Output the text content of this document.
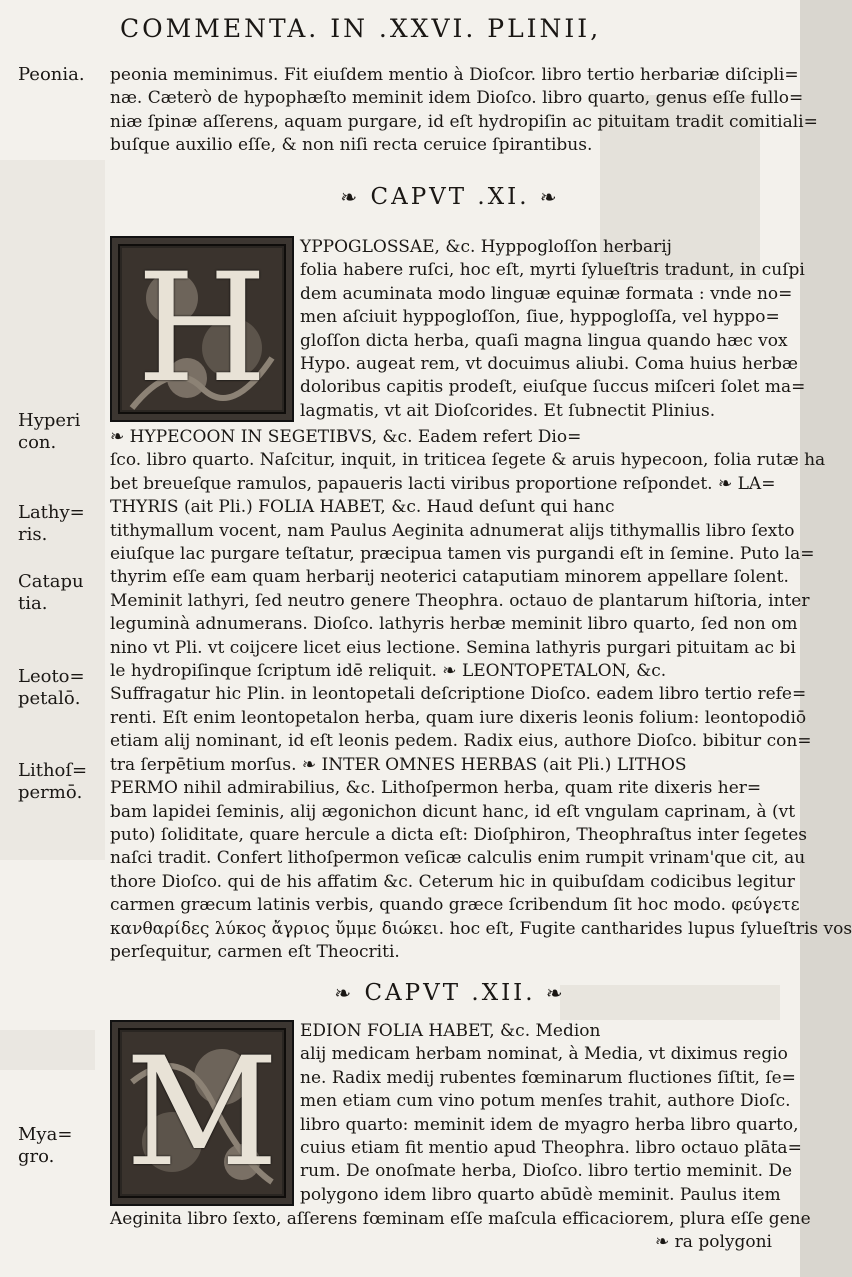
COMMENTA. IN .XXVI. PLINII,
Peonia.
Hyperi
con.
Lathy=
ris.
Catapu
tia.
Leoto=
petalō.
Lithoſ=
permō.
Mya=
gro.
peonia meminimus. Fit eiuſdem mentio à Dioſcor. libro tertio herbariæ diſcipli=
næ. Cæterò de hypophæſto meminit idem Dioſco. libro quarto, genus eſſe fullo=
niæ ſpinæ aſſerens, aquam purgare, id eſt hydropiſin ac pituitam tradit comitiali=
buſque auxilio eſſe, & non niſi recta ceruice ſpirantibus.
❧ CAPVT .XI. ❧
H	YPPOGLOSSAE, &c. Hyppogloſſon herbarij
folia habere ruſci, hoc eſt, myrti ſylueſtris tradunt, in cuſpi
dem acuminata modo linguæ equinæ formata : vnde no=
men aſciuit hyppogloſſon, ſiue, hyppogloſſa, vel hyppo=
gloſſon dicta herba, quaſi magna lingua quando hæc vox
Hypo. augeat rem, vt docuimus aliubi. Coma huius herbæ
doloribus capitis prodeſt, eiuſque ſuccus miſceri ſolet ma=
lagmatis, vt ait Dioſcorides. Et ſubnectit Plinius.
❧ HYPECOON IN SEGETIBVS, &c. Eadem refert Dio=
ſco. libro quarto. Naſcitur, inquit, in triticea ſegete & aruis hypecoon, folia rutæ ha
bet breueſque ramulos, papaueris lacti viribus proportione reſpondet. ❧ LA=
THYRIS (ait Pli.) FOLIA HABET, &c. Haud deſunt qui hanc
tithymallum vocent, nam Paulus Aeginita adnumerat alijs tithymallis libro ſexto
eiuſque lac purgare teſtatur, præcipua tamen vis purgandi eſt in ſemine. Puto la=
thyrim eſſe eam quam herbarij neoterici cataputiam minorem appellare ſolent.
Meminit lathyri, ſed neutro genere Theophra. octauo de plantarum hiſtoria, inter
leguminà adnumerans. Dioſco. lathyris herbæ meminit libro quarto, ſed non om
nino vt Pli. vt coijcere licet eius lectione. Semina lathyris purgari pituitam ac bi
le hydropiſinque ſcriptum idē reliquit. ❧ LEONTOPETALON, &c.
Suffragatur hic Plin. in leontopetali deſcriptione Dioſco. eadem libro tertio refe=
renti. Eſt enim leontopetalon herba, quam iure dixeris leonis folium: leontopodiō
etiam alij nominant, id eſt leonis pedem. Radix eius, authore Dioſco. bibitur con=
tra ſerpētium morſus. ❧ INTER OMNES HERBAS (ait Pli.) LITHOS
PERMO nihil admirabilius, &c. Lithoſpermon herba, quam rite dixeris her=
bam lapidei ſeminis, alij ægonichon dicunt hanc, id eſt vngulam caprinam, à (vt
puto) ſoliditate, quare hercule a dicta eſt: Dioſphiron, Theophraſtus inter ſegetes
naſci tradit. Confert lithoſpermon veſicæ calculis enim rumpit vrinam'que cit, au
thore Dioſco. qui de his affatim &c. Ceterum hic in quibuſdam codicibus legitur
carmen græcum latinis verbis, quando græce ſcribendum ſit hoc modo. φεύγετε
κανθαρίδες λύκος ἄγριος ὔμμε διώκει. hoc eſt, Fugite cantharides lupus ſylueſtris vos
perſequitur, carmen eſt Theocriti.
❧ CAPVT .XII. ❧
M	EDION FOLIA HABET, &c. Medion
alij medicam herbam nominat, à Media, vt diximus regio
ne. Radix medij rubentes fœminarum fluctiones ſiſtit, ſe=
men etiam cum vino potum menſes trahit, authore Dioſc.
libro quarto: meminit idem de myagro herba libro quarto,
cuius etiam fit mentio apud Theophra. libro octauo plāta=
rum. De onoſmate herba, Dioſco. libro tertio meminit. De
polygono idem libro quarto abūdè meminit. Paulus item
Aeginita libro ſexto, aſſerens fœminam eſſe maſcula efficaciorem, plura eſſe gene
❧ ra polygoni
